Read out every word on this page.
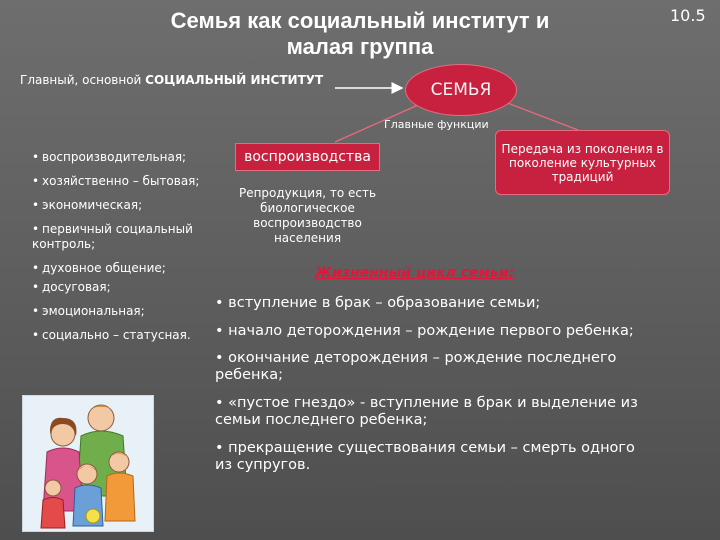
Семья как социальный институт и
малая группа
10.5
Главный, основной СОЦИАЛЬНЫЙ ИНСТИТУТ	СЕМЬЯ
Главные функции
• воспроизводительная;
• хозяйственно – бытовая;
• экономическая;
• первичный социальный контроль;
• духовное общение;
• досуговая;
• эмоциональная;
• социально – статусная.
воспроизводства
Репродукция, то есть биологическое воспроизводство населения
Передача из поколения в поколение культурных традиций
Жизненный цикл семьи:
• вступление в брак – образование семьи;
• начало деторождения – рождение первого ребенка;
• окончание деторождения – рождение последнего ребенка;
• «пустое гнездо» - вступление в брак и выделение из семьи последнего ребенка;
• прекращение существования семьи – смерть одного из супругов.
